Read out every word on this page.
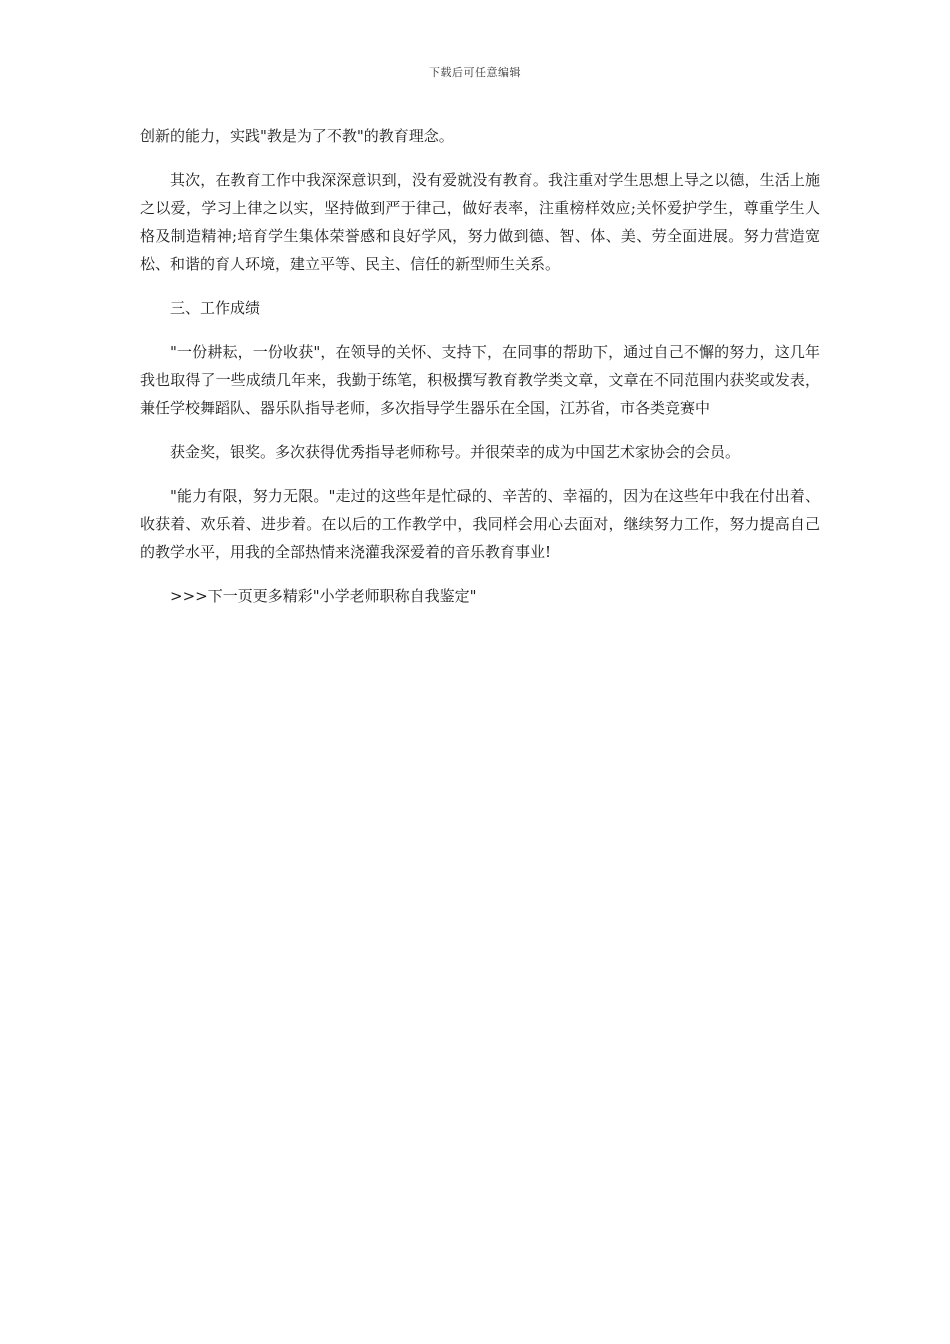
下载后可任意编辑

创新的能力，实践"教是为了不教"的教育理念。

其次，在教育工作中我深深意识到，没有爱就没有教育。我注重对学生思想上导之以德，生活上施之以爱，学习上律之以实，坚持做到严于律己，做好表率，注重榜样效应;关怀爱护学生，尊重学生人格及制造精神;培育学生集体荣誉感和良好学风，努力做到德、智、体、美、劳全面进展。努力营造宽松、和谐的育人环境，建立平等、民主、信任的新型师生关系。

三、工作成绩

"一份耕耘，一份收获"，在领导的关怀、支持下，在同事的帮助下，通过自己不懈的努力，这几年我也取得了一些成绩几年来，我勤于练笔，积极撰写教育教学类文章，文章在不同范围内获奖或发表，兼任学校舞蹈队、器乐队指导老师，多次指导学生器乐在全国，江苏省，市各类竞赛中

获金奖，银奖。多次获得优秀指导老师称号。并很荣幸的成为中国艺术家协会的会员。

"能力有限，努力无限。"走过的这些年是忙碌的、辛苦的、幸福的，因为在这些年中我在付出着、收获着、欢乐着、进步着。在以后的工作教学中，我同样会用心去面对，继续努力工作，努力提高自己的教学水平，用我的全部热情来浇灌我深爱着的音乐教育事业!

>>>下一页更多精彩"小学老师职称自我鉴定"
